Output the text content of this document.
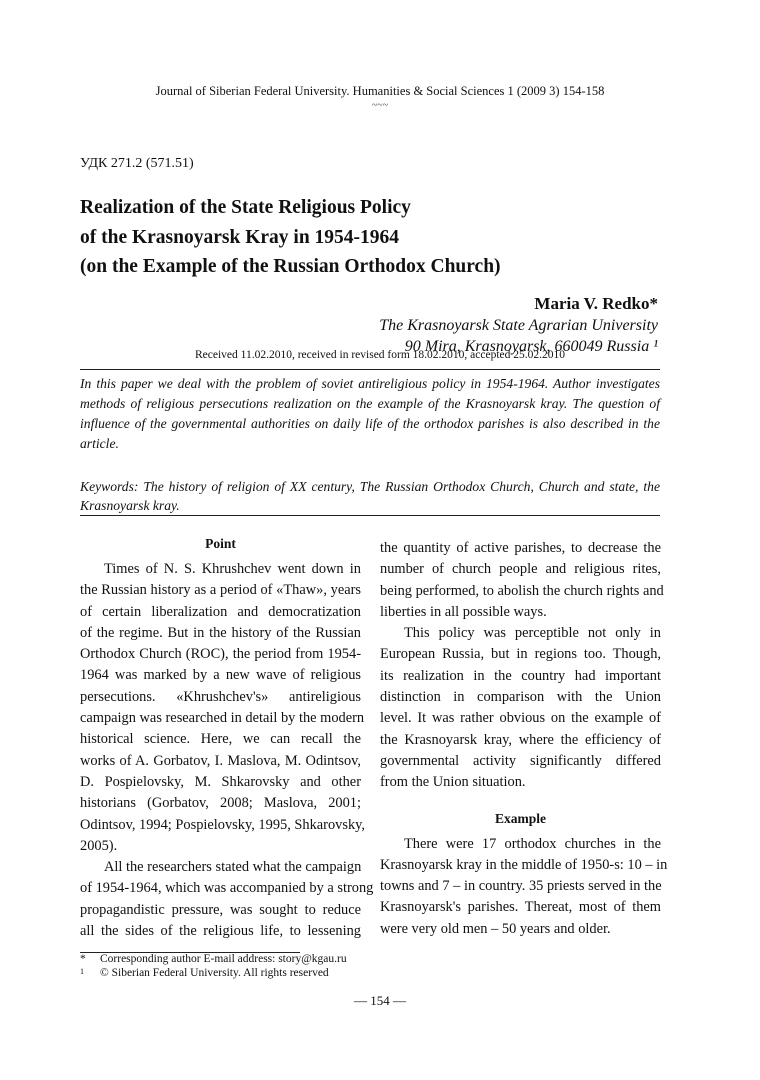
Journal of Siberian Federal University. Humanities & Social Sciences 1 (2009 3) 154-158
~~~
УДК 271.2 (571.51)
Realization of the State Religious Policy
of the Krasnoyarsk Kray in 1954-1964
(on the Example of the Russian Orthodox Church)
Maria V. Redko*
The Krasnoyarsk State Agrarian University
90 Mira, Krasnoyarsk, 660049 Russia ¹
Received 11.02.2010, received in revised form 18.02.2010, accepted 25.02.2010
In this paper we deal with the problem of soviet antireligious policy in 1954-1964. Author investigates methods of religious persecutions realization on the example of the Krasnoyarsk kray. The question of influence of the governmental authorities on daily life of the orthodox parishes is also described in the article.
Keywords: The history of religion of XX century, The Russian Orthodox Church, Church and state, the Krasnoyarsk kray.
Point
Times of N. S. Khrushchev went down in
the Russian history as a period of «Thaw», years
of certain liberalization and democratization
of the regime. But in the history of the Russian
Orthodox Church (ROC), the period from 1954-
1964 was marked by a new wave of religious
persecutions. «Khrushchev's» antireligious
campaign was researched in detail by the modern
historical science. Here, we can recall the
works of A. Gorbatov, I. Maslova, M. Odintsov,
D. Pospielovsky, M. Shkarovsky and other
historians (Gorbatov, 2008; Maslova, 2001;
Odintsov, 1994; Pospielovsky, 1995, Shkarovsky,
2005).
All the researchers stated what the campaign
of 1954-1964, which was accompanied by a strong
propagandistic pressure, was sought to reduce
all the sides of the religious life, to lessening
the quantity of active parishes, to decrease the
number of church people and religious rites,
being performed, to abolish the church rights and
liberties in all possible ways.
This policy was perceptible not only in
European Russia, but in regions too. Though,
its realization in the country had important
distinction in comparison with the Union
level. It was rather obvious on the example of
the Krasnoyarsk kray, where the efficiency of
governmental activity significantly differed
from the Union situation.
Example
There were 17 orthodox churches in the
Krasnoyarsk kray in the middle of 1950-s: 10 – in
towns and 7 – in country. 35 priests served in the
Krasnoyarsk's parishes. Thereat, most of them
were very old men – 50 years and older.
* Corresponding author E-mail address: story@kgau.ru
1 © Siberian Federal University. All rights reserved
— 154 —
